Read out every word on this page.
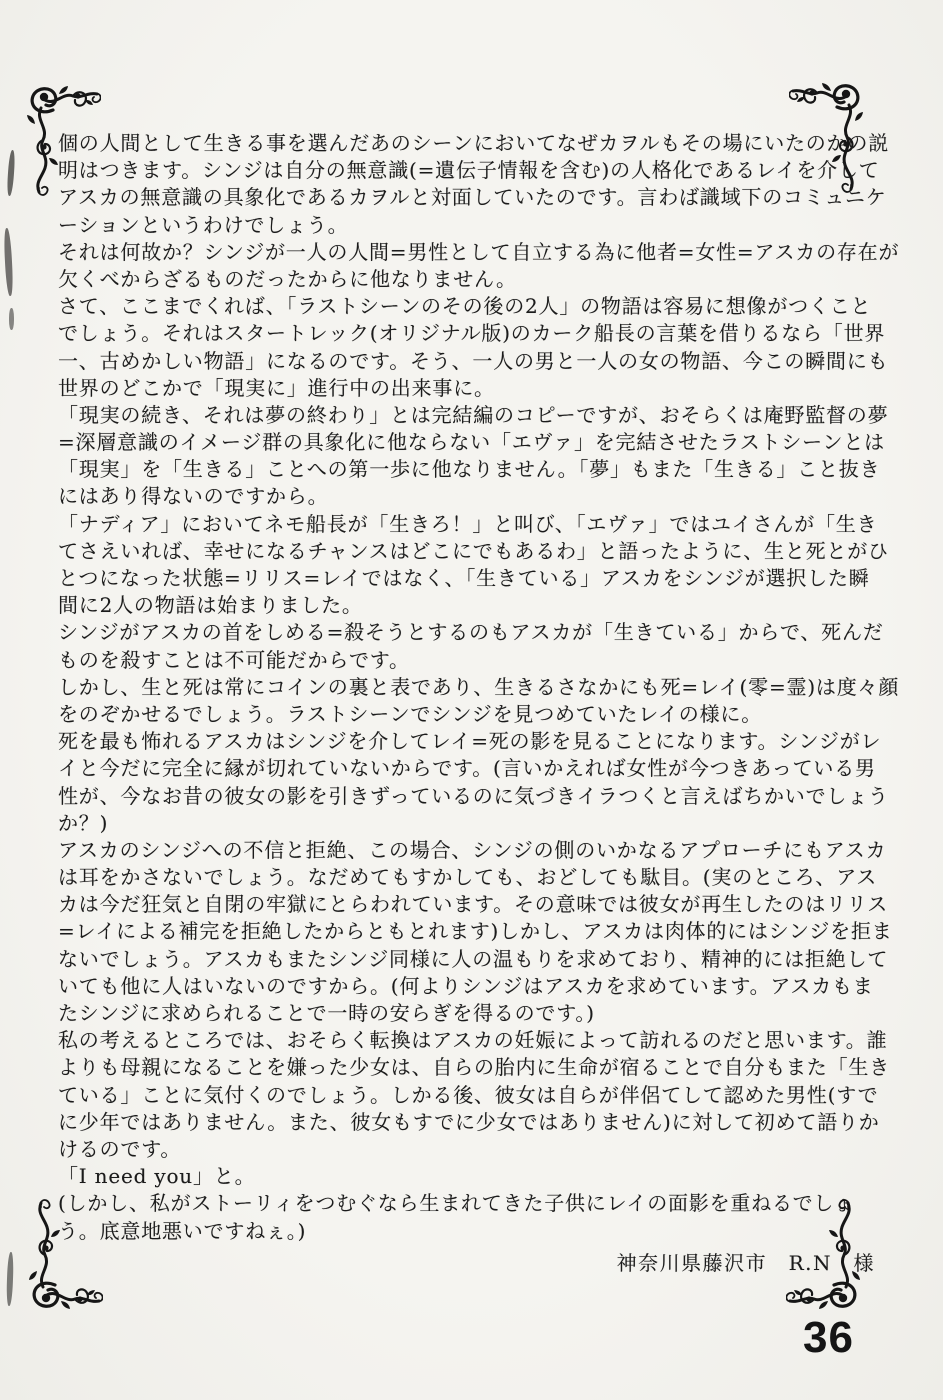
個の人間として生きる事を選んだあのシーンにおいてなぜカヲルもその場にいたのかの説
明はつきます。シンジは自分の無意識(=遺伝子情報を含む)の人格化であるレイを介して
アスカの無意識の具象化であるカヲルと対面していたのです。言わば識域下のコミュニケ
ーションというわけでしょう。
それは何故か？シンジが一人の人間=男性として自立する為に他者=女性=アスカの存在が
欠くべからざるものだったからに他なりません。
さて、ここまでくれば、「ラストシーンのその後の2人」の物語は容易に想像がつくこと
でしょう。それはスタートレック(オリジナル版)のカーク船長の言葉を借りるなら「世界
一、古めかしい物語」になるのです。そう、一人の男と一人の女の物語、今この瞬間にも
世界のどこかで「現実に」進行中の出来事に。
「現実の続き、それは夢の終わり」とは完結編のコピーですが、おそらくは庵野監督の夢
=深層意識のイメージ群の具象化に他ならない「エヴァ」を完結させたラストシーンとは
「現実」を「生きる」ことへの第一歩に他なりません。「夢」もまた「生きる」こと抜き
にはあり得ないのですから。
「ナディア」においてネモ船長が「生きろ！」と叫び、「エヴァ」ではユイさんが「生き
てさえいれば、幸せになるチャンスはどこにでもあるわ」と語ったように、生と死とがひ
とつになった状態=リリス=レイではなく、「生きている」アスカをシンジが選択した瞬
間に2人の物語は始まりました。
シンジがアスカの首をしめる=殺そうとするのもアスカが「生きている」からで、死んだ
ものを殺すことは不可能だからです。
しかし、生と死は常にコインの裏と表であり、生きるさなかにも死=レイ(零=霊)は度々顔
をのぞかせるでしょう。ラストシーンでシンジを見つめていたレイの様に。
死を最も怖れるアスカはシンジを介してレイ=死の影を見ることになります。シンジがレ
イと今だに完全に縁が切れていないからです。(言いかえれば女性が今つきあっている男
性が、今なお昔の彼女の影を引きずっているのに気づきイラつくと言えばちかいでしょう
か？)
アスカのシンジへの不信と拒絶、この場合、シンジの側のいかなるアプローチにもアスカ
は耳をかさないでしょう。なだめてもすかしても、おどしても駄目。(実のところ、アス
カは今だ狂気と自閉の牢獄にとらわれています。その意味では彼女が再生したのはリリス
=レイによる補完を拒絶したからともとれます)しかし、アスカは肉体的にはシンジを拒ま
ないでしょう。アスカもまたシンジ同様に人の温もりを求めており、精神的には拒絶して
いても他に人はいないのですから。(何よりシンジはアスカを求めています。アスカもま
たシンジに求められることで一時の安らぎを得るのです。)
私の考えるところでは、おそらく転換はアスカの妊娠によって訪れるのだと思います。誰
よりも母親になることを嫌った少女は、自らの胎内に生命が宿ることで自分もまた「生き
ている」ことに気付くのでしょう。しかる後、彼女は自らが伴侶てして認めた男性(すで
に少年ではありません。また、彼女もすでに少女ではありません)に対して初めて語りか
けるのです。
「I need you」と。
(しかし、私がストーリィをつむぐなら生まれてきた子供にレイの面影を重ねるでしょ
う。底意地悪いですねぇ。)
神奈川県藤沢市　R.N　様
36
